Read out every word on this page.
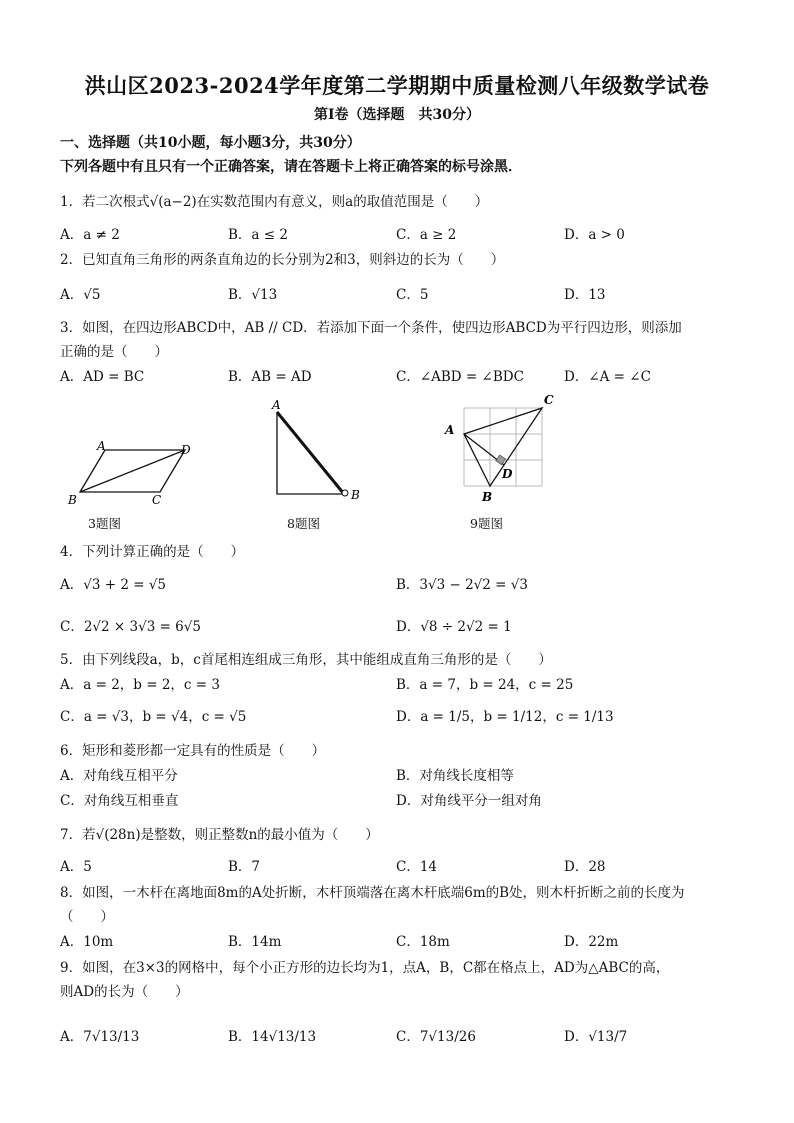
洪山区2023-2024学年度第二学期期中质量检测八年级数学试卷
第Ⅰ卷（选择题　共30分）
一、选择题（共10小题，每小题3分，共30分）
下列各题中有且只有一个正确答案，请在答题卡上将正确答案的标号涂黑．
1．若二次根式√(a−2)在实数范围内有意义，则a的取值范围是（　　）
A．a ≠ 2	B．a ≤ 2	C．a ≥ 2	D．a > 0
2．已知直角三角形的两条直角边的长分别为2和3，则斜边的长为（　　）
A．√5	B．√13	C．5	D．13
3．如图，在四边形ABCD中，AB // CD．若添加下面一个条件，使四边形ABCD为平行四边形，则添加
正确的是（　　）
A．AD = BC	B．AB = AD	C．∠ABD = ∠BDC	D．∠A = ∠C
A	D
B	C
3题图
A
B
8题图
A
C
D
B
9题图
4．下列计算正确的是（　　）
A．√3 + 2 = √5	B．3√3 − 2√2 = √3
C．2√2 × 3√3 = 6√5	D．√8 ÷ 2√2 = 1
5．由下列线段a，b，c首尾相连组成三角形，其中能组成直角三角形的是（　　）
A．a = 2，b = 2，c = 3	B．a = 7，b = 24，c = 25
C．a = √3，b = √4，c = √5	D．a = 1/5，b = 1/12，c = 1/13
6．矩形和菱形都一定具有的性质是（　　）
A．对角线互相平分	B．对角线长度相等
C．对角线互相垂直	D．对角线平分一组对角
7．若√(28n)是整数，则正整数n的最小值为（　　）
A．5	B．7	C．14	D．28
8．如图，一木杆在离地面8m的A处折断，木杆顶端落在离木杆底端6m的B处，则木杆折断之前的长度为
（　　）
A．10m	B．14m	C．18m	D．22m
9．如图，在3×3的网格中，每个小正方形的边长均为1，点A，B，C都在格点上，AD为△ABC的高，
则AD的长为（　　）
A．7√13/13	B．14√13/13	C．7√13/26	D．√13/7
